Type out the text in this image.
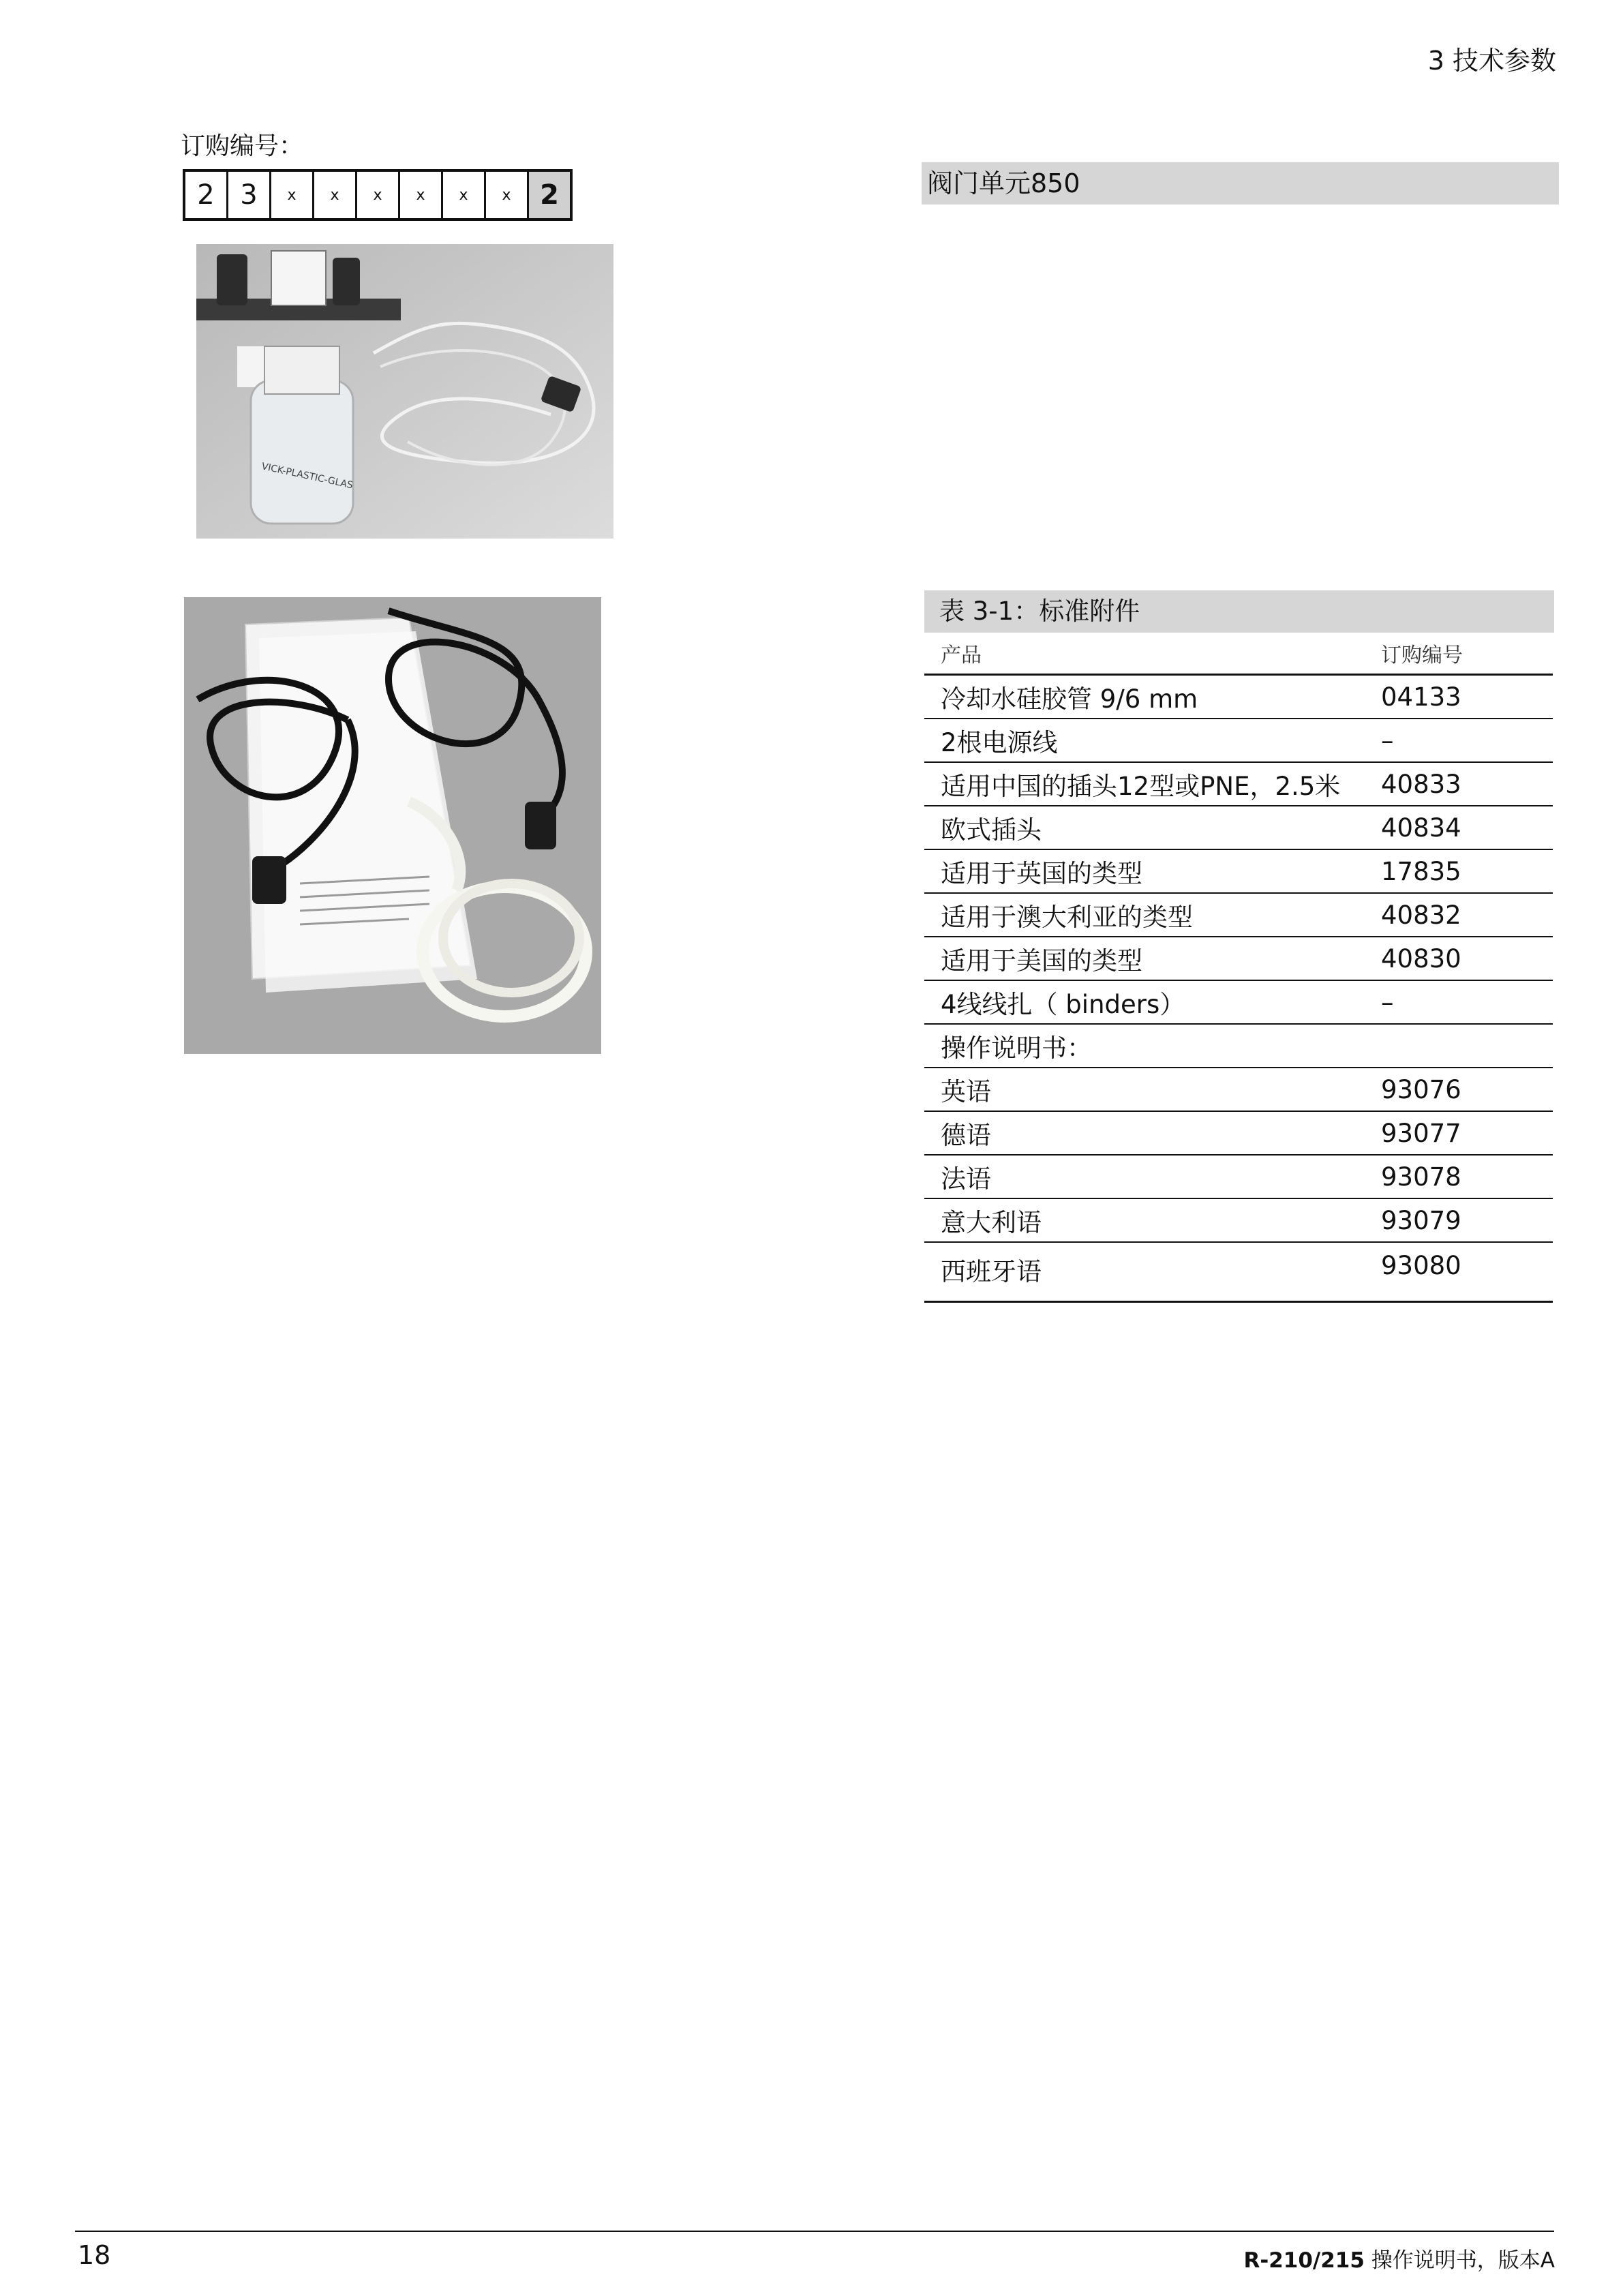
3 技术参数
订购编号：
2 3	x	x	x	x	x	x	2
VICK-PLASTIC-GLAS
阀门单元850
表 3-1：标准附件
产品	订购编号
冷却水硅胶管 9/6 mm	04133
2根电源线	–
适用中国的插头12型或PNE，2.5米	40833
欧式插头	40834
适用于英国的类型	17835
适用于澳大利亚的类型	40832
适用于美国的类型	40830
4线线扎（ binders）	–
操作说明书：
英语	93076
德语	93077
法语	93078
意大利语	93079
西班牙语	93080
18	R-210/215 操作说明书，版本A
